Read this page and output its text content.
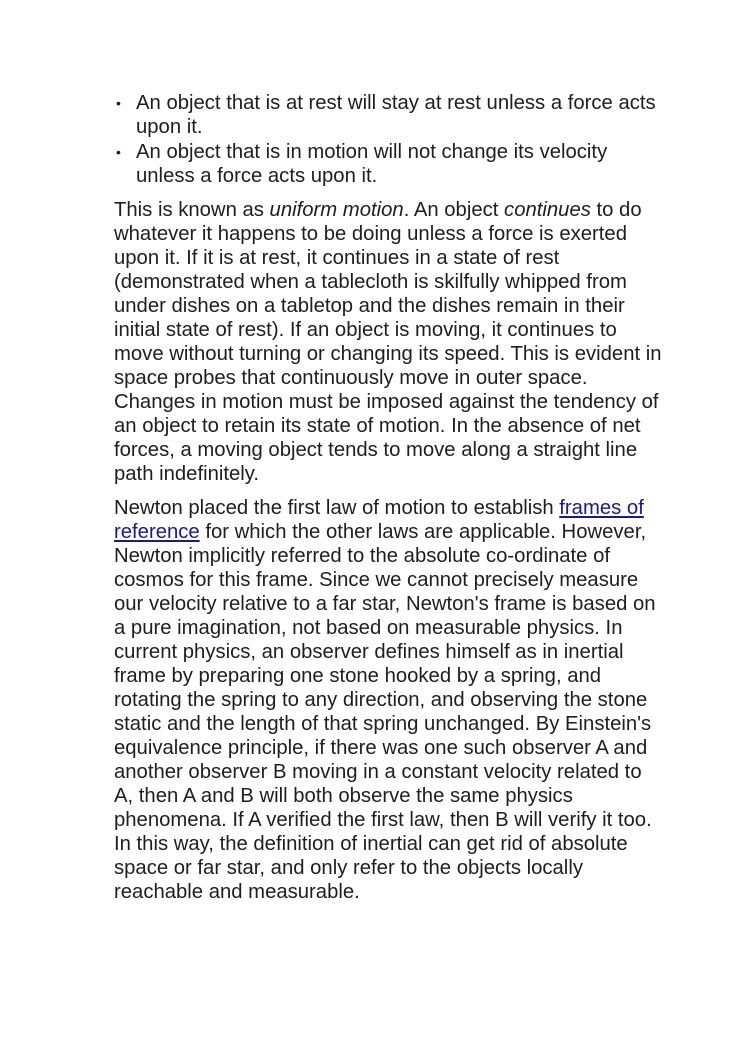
• An object that is at rest will stay at rest unless a force acts upon it.
• An object that is in motion will not change its velocity unless a force acts upon it.

This is known as uniform motion. An object continues to do whatever it happens to be doing unless a force is exerted upon it. If it is at rest, it continues in a state of rest (demonstrated when a tablecloth is skilfully whipped from under dishes on a tabletop and the dishes remain in their initial state of rest). If an object is moving, it continues to move without turning or changing its speed. This is evident in space probes that continuously move in outer space. Changes in motion must be imposed against the tendency of an object to retain its state of motion. In the absence of net forces, a moving object tends to move along a straight line path indefinitely.

Newton placed the first law of motion to establish frames of reference for which the other laws are applicable. However, Newton implicitly referred to the absolute co-ordinate of cosmos for this frame. Since we cannot precisely measure our velocity relative to a far star, Newton's frame is based on a pure imagination, not based on measurable physics. In current physics, an observer defines himself as in inertial frame by preparing one stone hooked by a spring, and rotating the spring to any direction, and observing the stone static and the length of that spring unchanged. By Einstein's equivalence principle, if there was one such observer A and another observer B moving in a constant velocity related to A, then A and B will both observe the same physics phenomena. If A verified the first law, then B will verify it too. In this way, the definition of inertial can get rid of absolute space or far star, and only refer to the objects locally reachable and measurable.
